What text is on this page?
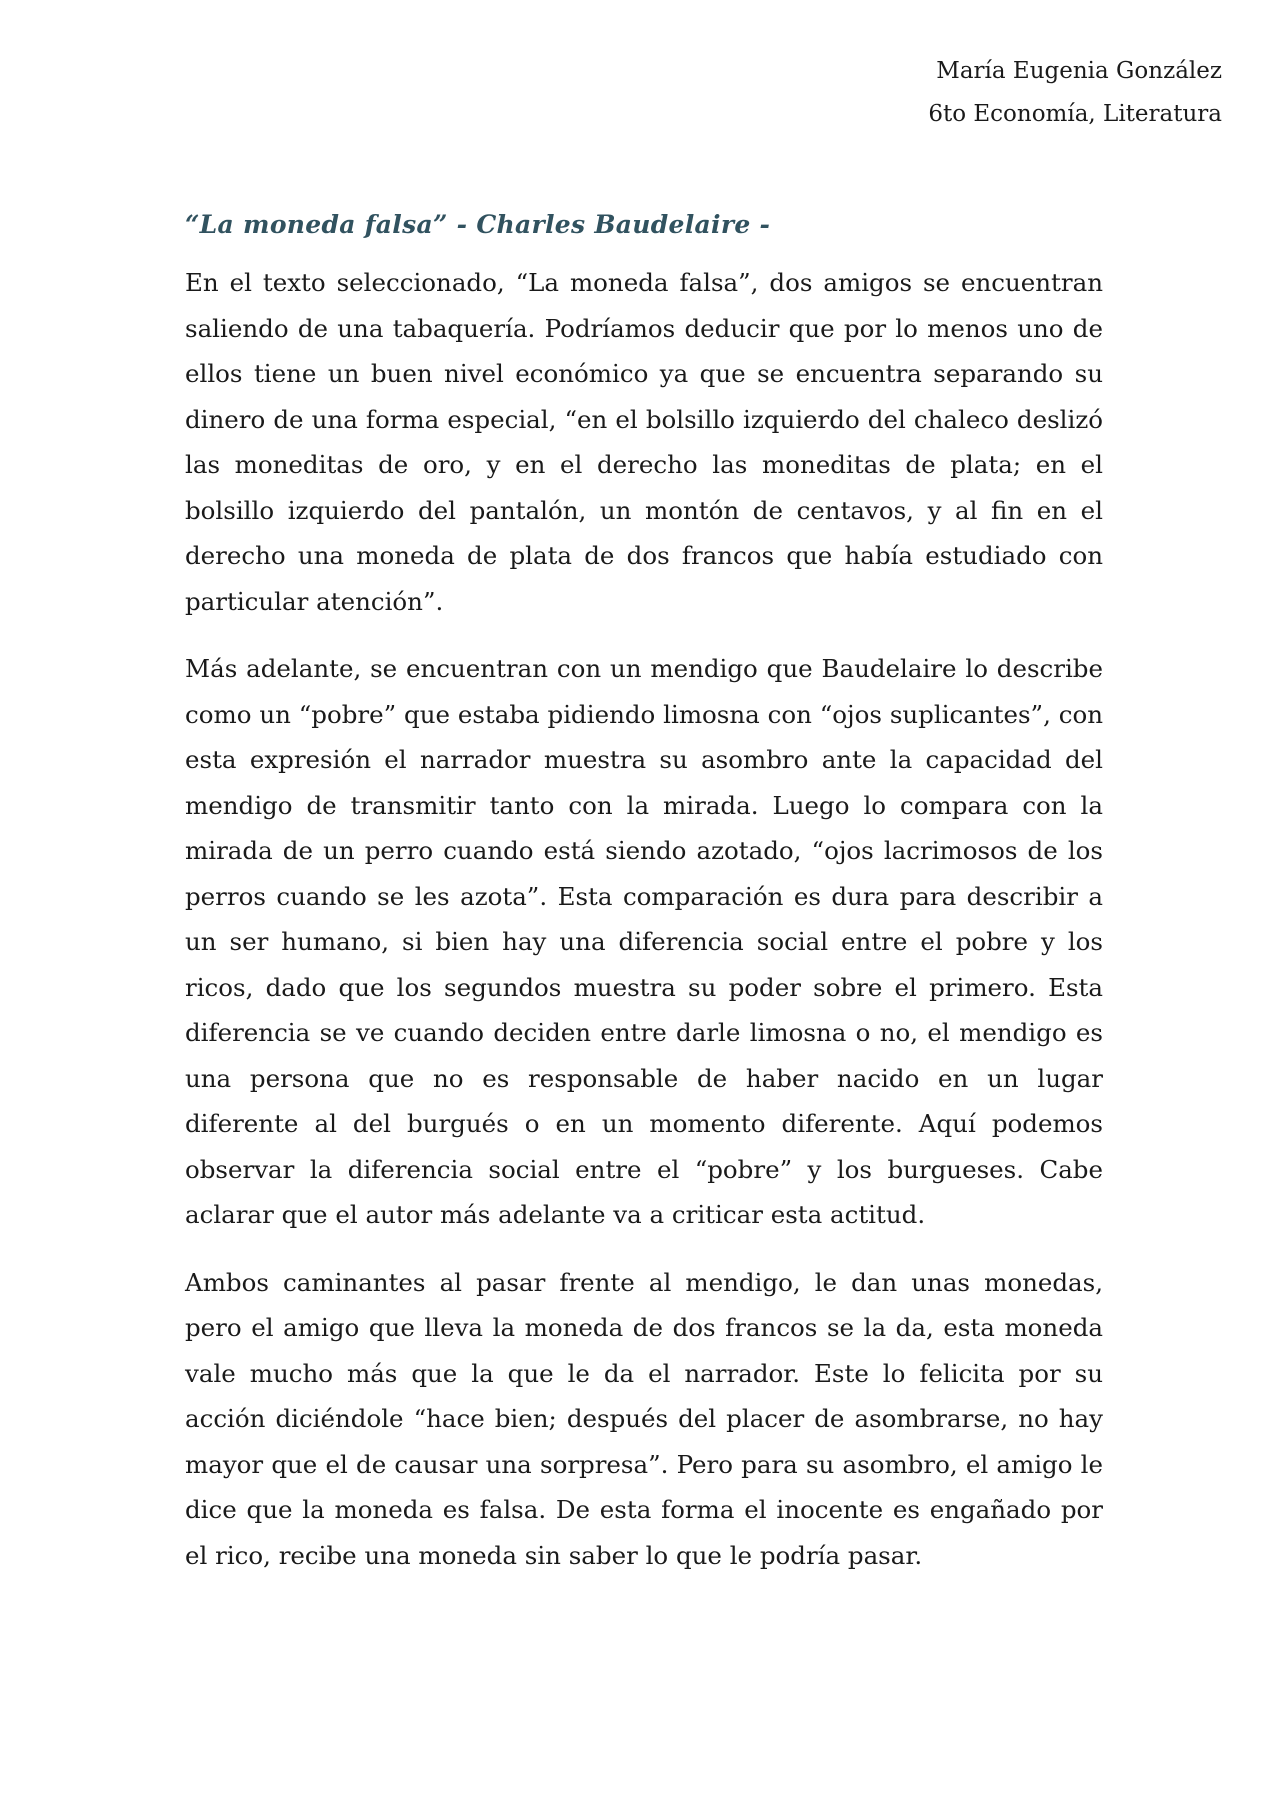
María Eugenia González
6to Economía, Literatura
“La moneda falsa” - Charles Baudelaire -

En el texto seleccionado, “La moneda falsa”, dos amigos se encuentran saliendo de una tabaquería. Podríamos deducir que por lo menos uno de ellos tiene un buen nivel económico ya que se encuentra separando su dinero de una forma especial, “en el bolsillo izquierdo del chaleco deslizó las moneditas de oro, y en el derecho las moneditas de plata; en el bolsillo izquierdo del pantalón, un montón de centavos, y al fin en el derecho una moneda de plata de dos francos que había estudiado con particular atención”.

Más adelante, se encuentran con un mendigo que Baudelaire lo describe como un “pobre” que estaba pidiendo limosna con “ojos suplicantes”, con esta expresión el narrador muestra su asombro ante la capacidad del mendigo de transmitir tanto con la mirada. Luego lo compara con la mirada de un perro cuando está siendo azotado, “ojos lacrimosos de los perros cuando se les azota”. Esta comparación es dura para describir a un ser humano, si bien hay una diferencia social entre el pobre y los ricos, dado que los segundos muestra su poder sobre el primero. Esta diferencia se ve cuando deciden entre darle limosna o no, el mendigo es una persona que no es responsable de haber nacido en un lugar diferente al del burgués o en un momento diferente. Aquí podemos observar la diferencia social entre el “pobre” y los burgueses. Cabe aclarar que el autor más adelante va a criticar esta actitud.

Ambos caminantes al pasar frente al mendigo, le dan unas monedas, pero el amigo que lleva la moneda de dos francos se la da, esta moneda vale mucho más que la que le da el narrador. Este lo felicita por su acción diciéndole “hace bien; después del placer de asombrarse, no hay mayor que el de causar una sorpresa”. Pero para su asombro, el amigo le dice que la moneda es falsa. De esta forma el inocente es engañado por el rico, recibe una moneda sin saber lo que le podría pasar.
